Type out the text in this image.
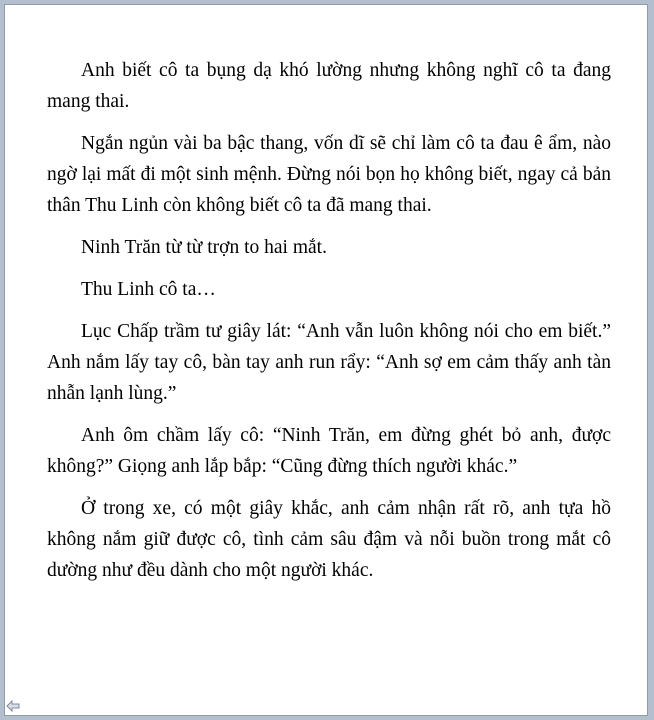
Anh biết cô ta bụng dạ khó lường nhưng không nghĩ cô ta đang mang thai.

Ngắn ngủn vài ba bậc thang, vốn dĩ sẽ chỉ làm cô ta đau ê ẩm, nào ngờ lại mất đi một sinh mệnh. Đừng nói bọn họ không biết, ngay cả bản thân Thu Linh còn không biết cô ta đã mang thai.

Ninh Trăn từ từ trợn to hai mắt.

Thu Linh cô ta…

Lục Chấp trầm tư giây lát: “Anh vẫn luôn không nói cho em biết.” Anh nắm lấy tay cô, bàn tay anh run rẩy: “Anh sợ em cảm thấy anh tàn nhẫn lạnh lùng.”

Anh ôm chầm lấy cô: “Ninh Trăn, em đừng ghét bỏ anh, được không?” Giọng anh lắp bắp: “Cũng đừng thích người khác.”

Ở trong xe, có một giây khắc, anh cảm nhận rất rõ, anh tựa hồ không nắm giữ được cô, tình cảm sâu đậm và nỗi buồn trong mắt cô dường như đều dành cho một người khác.
